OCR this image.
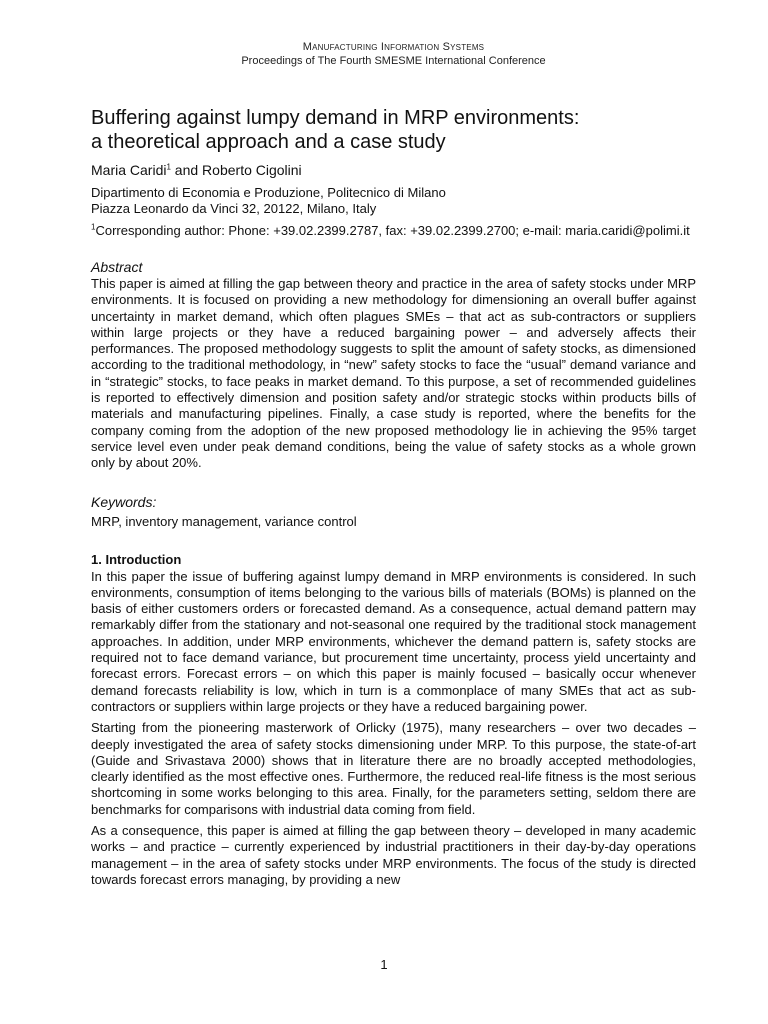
Manufacturing Information Systems
Proceedings of The Fourth SMESME International Conference
Buffering against lumpy demand in MRP environments:
a theoretical approach and a case study
Maria Caridi$^1$ and Roberto Cigolini
Dipartimento di Economia e Produzione, Politecnico di Milano
Piazza Leonardo da Vinci 32, 20122, Milano, Italy
$^1$Corresponding author: Phone: +39.02.2399.2787, fax: +39.02.2399.2700; e-mail: maria.caridi@polimi.it
Abstract

This paper is aimed at filling the gap between theory and practice in the area of safety stocks under MRP environments. It is focused on providing a new methodology for dimensioning an overall buffer against uncertainty in market demand, which often plagues SMEs – that act as sub-contractors or suppliers within large projects or they have a reduced bargaining power – and adversely affects their performances. The proposed methodology suggests to split the amount of safety stocks, as dimensioned according to the traditional methodology, in “new” safety stocks to face the “usual” demand variance and in “strategic” stocks, to face peaks in market demand. To this purpose, a set of recommended guidelines is reported to effectively dimension and position safety and/or strategic stocks within products bills of materials and manufacturing pipelines. Finally, a case study is reported, where the benefits for the company coming from the adoption of the new proposed methodology lie in achieving the 95% target service level even under peak demand conditions, being the value of safety stocks as a whole grown only by about 20%.

Keywords:
MRP, inventory management, variance control
1. Introduction

In this paper the issue of buffering against lumpy demand in MRP environments is considered. In such environments, consumption of items belonging to the various bills of materials (BOMs) is planned on the basis of either customers orders or forecasted demand. As a consequence, actual demand pattern may remarkably differ from the stationary and not-seasonal one required by the traditional stock management approaches. In addition, under MRP environments, whichever the demand pattern is, safety stocks are required not to face demand variance, but procurement time uncertainty, process yield uncertainty and forecast errors. Forecast errors – on which this paper is mainly focused – basically occur whenever demand forecasts reliability is low, which in turn is a commonplace of many SMEs that act as sub-contractors or suppliers within large projects or they have a reduced bargaining power.

Starting from the pioneering masterwork of Orlicky (1975), many researchers – over two decades – deeply investigated the area of safety stocks dimensioning under MRP. To this purpose, the state-of-art (Guide and Srivastava 2000) shows that in literature there are no broadly accepted methodologies, clearly identified as the most effective ones. Furthermore, the reduced real-life fitness is the most serious shortcoming in some works belonging to this area. Finally, for the parameters setting, seldom there are benchmarks for comparisons with industrial data coming from field.

As a consequence, this paper is aimed at filling the gap between theory – developed in many academic works – and practice – currently experienced by industrial practitioners in their day-by-day operations management – in the area of safety stocks under MRP environments. The focus of the study is directed towards forecast errors managing, by providing a new

1
